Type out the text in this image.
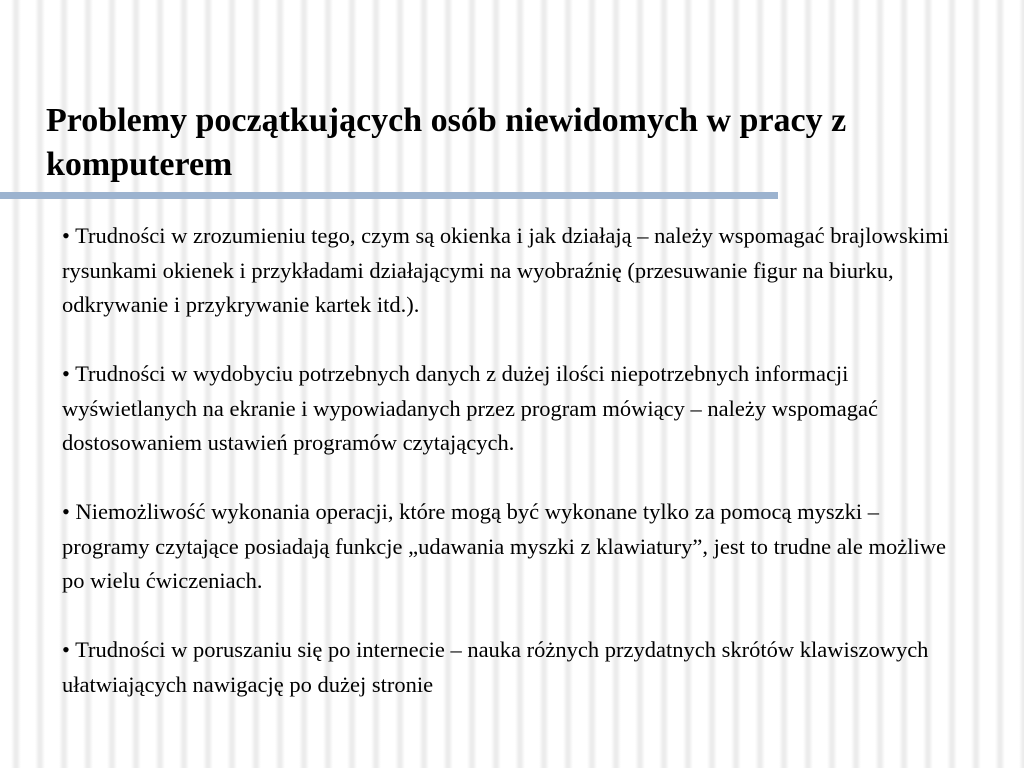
Problemy początkujących osób niewidomych w pracy z komputerem

• Trudności w zrozumieniu tego, czym są okienka i jak działają – należy wspomagać brajlowskimi rysunkami okienek i przykładami działającymi na wyobraźnię (przesuwanie figur na biurku, odkrywanie i przykrywanie kartek itd.).

• Trudności w wydobyciu potrzebnych danych z dużej ilości niepotrzebnych informacji wyświetlanych na ekranie i wypowiadanych przez program mówiący – należy wspomagać dostosowaniem ustawień programów czytających.

• Niemożliwość wykonania operacji, które mogą być wykonane tylko za pomocą myszki – programy czytające posiadają funkcje „udawania myszki z klawiatury”, jest to trudne ale możliwe po wielu ćwiczeniach.

• Trudności w poruszaniu się po internecie – nauka różnych przydatnych skrótów klawiszowych ułatwiających nawigację po dużej stronie
